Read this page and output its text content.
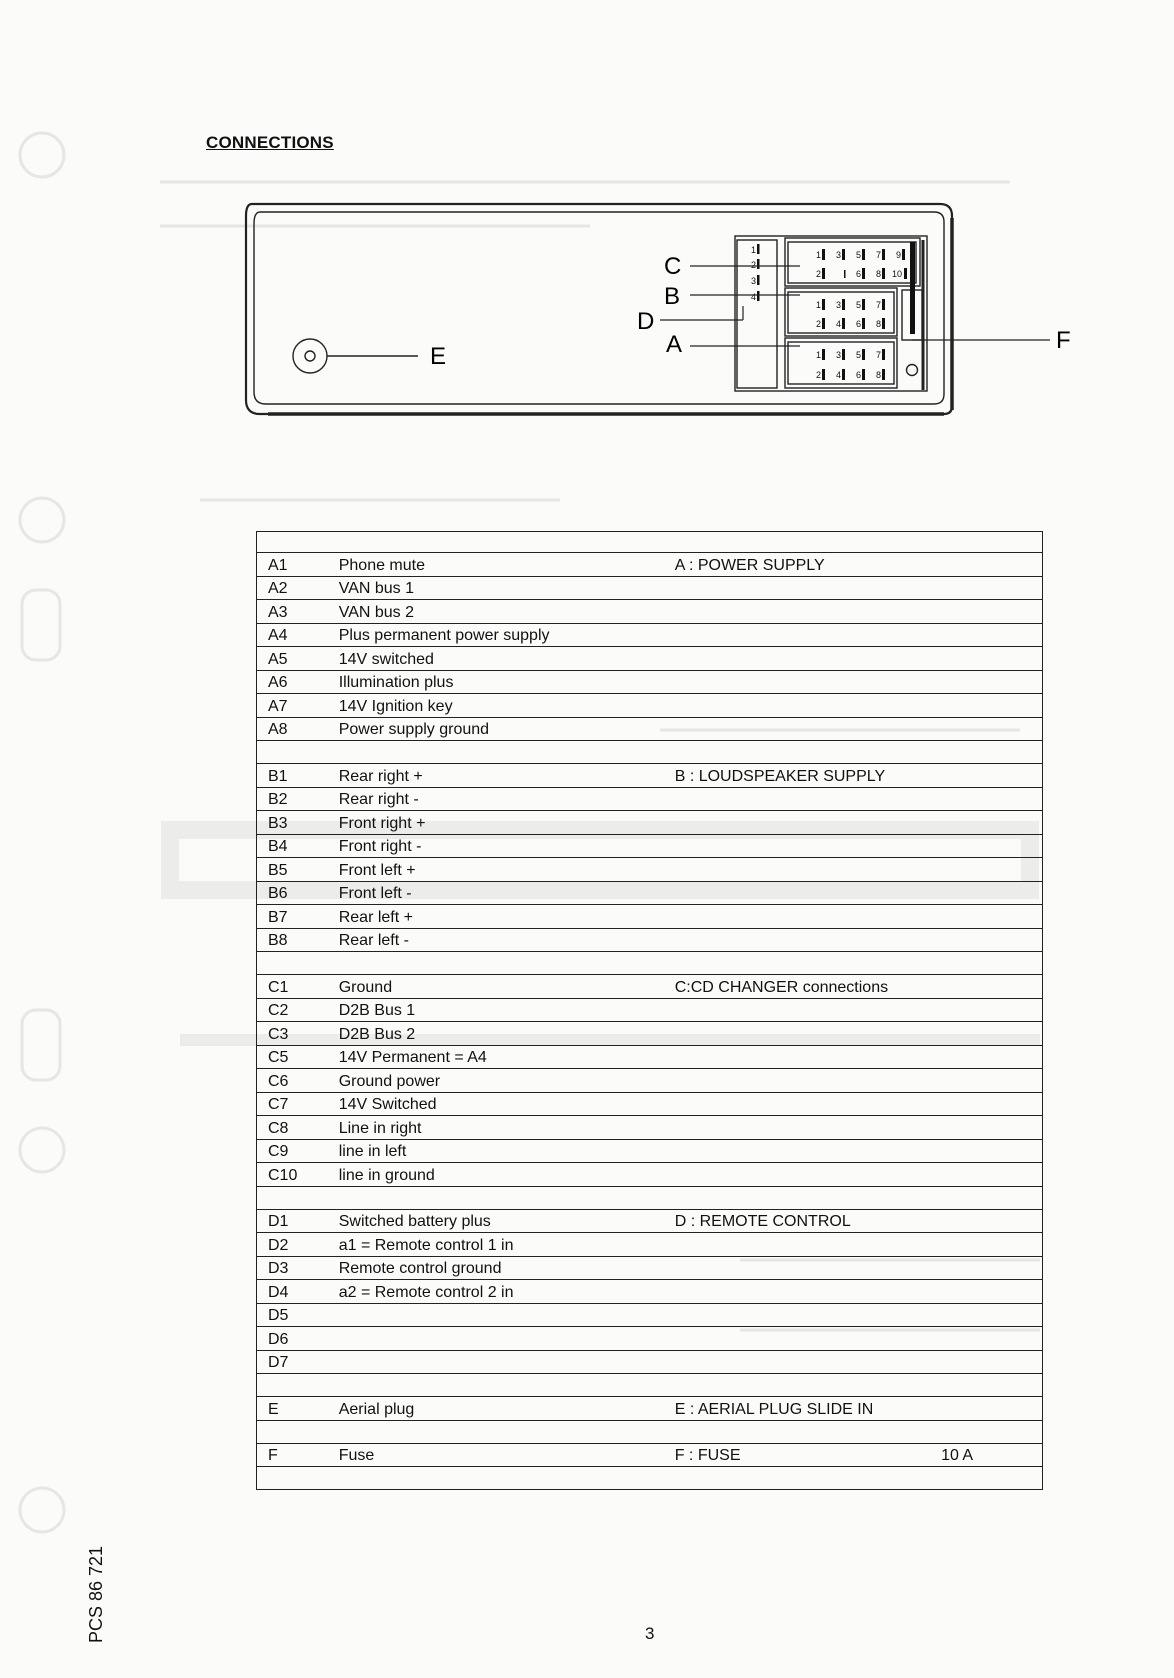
CONNECTIONS
E
1 3 5 7 9
2	6 8 10
1 3 5 7
2 4 6 8
1 3 5 7
2 4 6 8
1
2
3
4
C
B
D
A	F

A1	Phone mute	A : POWER SUPPLY	
A2	VAN bus 1		
A3	VAN bus 2		
A4	Plus permanent power supply		
A5	14V switched		
A6	Illumination plus		
A7	14V Ignition key		
A8	Power supply ground		

B1	Rear right +	B : LOUDSPEAKER SUPPLY	
B2	Rear right -		
B3	Front right +		
B4	Front right -		
B5	Front left +		
B6	Front left -		
B7	Rear left +		
B8	Rear left -		

C1	Ground	C:CD CHANGER connections	
C2	D2B Bus 1		
C3	D2B Bus 2		
C5	14V Permanent = A4		
C6	Ground power		
C7	14V Switched		
C8	Line in right		
C9	line in left		
C10	line in ground		

D1	Switched battery plus	D : REMOTE CONTROL	
D2	a1 = Remote control 1 in		
D3	Remote control ground		
D4	a2 = Remote control 2 in		
D5			
D6			
D7			

E	Aerial plug	E : AERIAL PLUG SLIDE IN	

F	Fuse	F : FUSE	10 A

3
PCS 86 721
